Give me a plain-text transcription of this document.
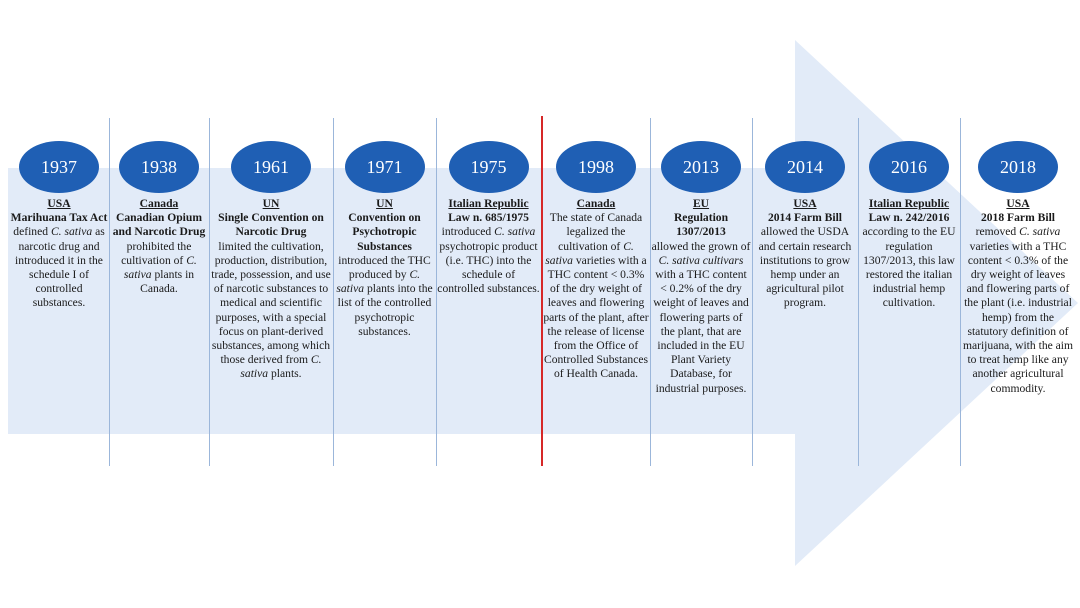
1937
USA
Marihuana Tax Act
defined C. sativa as narcotic drug and introduced it in the schedule I of controlled substances.
1938
Canada
Canadian Opium and Narcotic Drug
prohibited the cultivation of C. sativa plants in Canada.
1961
UN
Single Convention on Narcotic Drug
limited the cultivation, production, distribution, trade, possession, and use of narcotic substances to medical and scientific purposes, with a special focus on plant-derived substances, among which those derived from C. sativa plants.
1971
UN
Convention on Psychotropic Substances
introduced the THC produced by C. sativa plants into the list of the controlled psychotropic substances.
1975
Italian Republic
Law n. 685/1975
introduced C. sativa psychotropic product (i.e. THC) into the schedule of controlled substances.
1998
Canada
The state of Canada legalized the cultivation of C. sativa varieties with a THC content < 0.3% of the dry weight of leaves and flowering parts of the plant, after the release of license from the Office of Controlled Substances of Health Canada.
2013
EU
Regulation 1307/2013
allowed the grown of C. sativa cultivars with a THC content < 0.2% of the dry weight of leaves and flowering parts of the plant, that are included in the EU Plant Variety Database, for industrial purposes.
2014
USA
2014 Farm Bill
allowed the USDA and certain research institutions to grow hemp under an agricultural pilot program.
2016
Italian Republic
Law n. 242/2016
according to the EU regulation 1307/2013, this law restored the italian industrial hemp cultivation.
2018
USA
2018 Farm Bill
removed C. sativa varieties with a THC content < 0.3% of the dry weight of leaves and flowering parts of the plant (i.e. industrial hemp) from the statutory definition of marijuana, with the aim to treat hemp like any another agricultural commodity.
